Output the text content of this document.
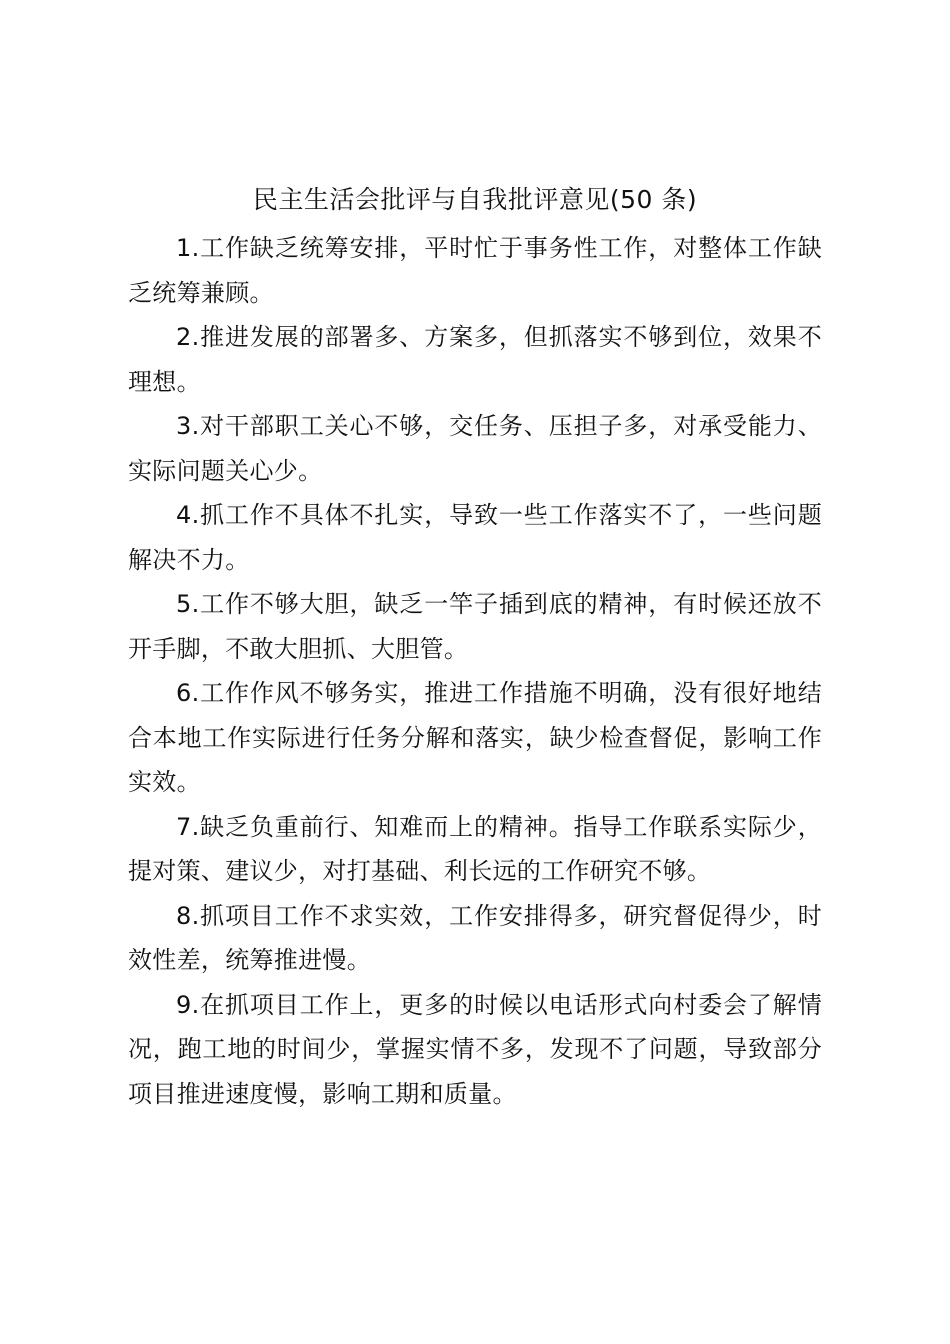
民主生活会批评与自我批评意见(50 条)

1.工作缺乏统筹安排，平时忙于事务性工作，对整体工作缺乏统筹兼顾。

2.推进发展的部署多、方案多，但抓落实不够到位，效果不理想。

3.对干部职工关心不够，交任务、压担子多，对承受能力、实际问题关心少。

4.抓工作不具体不扎实，导致一些工作落实不了，一些问题解决不力。

5.工作不够大胆，缺乏一竿子插到底的精神，有时候还放不开手脚，不敢大胆抓、大胆管。

6.工作作风不够务实，推进工作措施不明确，没有很好地结合本地工作实际进行任务分解和落实，缺少检查督促，影响工作实效。

7.缺乏负重前行、知难而上的精神。指导工作联系实际少，提对策、建议少，对打基础、利长远的工作研究不够。

8.抓项目工作不求实效，工作安排得多，研究督促得少，时效性差，统筹推进慢。

9.在抓项目工作上，更多的时候以电话形式向村委会了解情况，跑工地的时间少，掌握实情不多，发现不了问题，导致部分项目推进速度慢，影响工期和质量。
